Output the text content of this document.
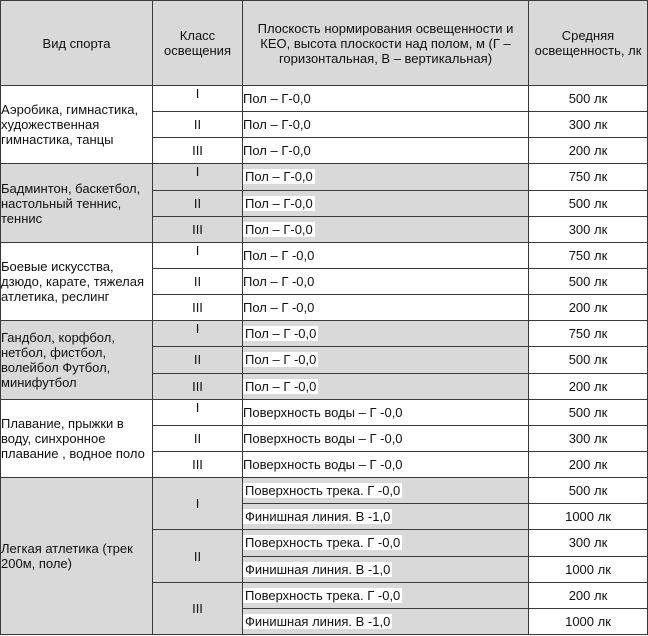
Вид спорта	Класс освещения	Плоскость нормирования освещенности и КЕО, высота плоскости над полом, м (Г – горизонтальная, В – вертикальная)	Средняя освещенность, лк
Аэробика, гимнастика, художественная гимнастика, танцы	I	Пол – Г-0,0	500 лк
	II	Пол – Г-0,0	300 лк
	III	Пол – Г-0,0	200 лк
Бадминтон, баскетбол, настольный теннис, теннис	I	Пол – Г-0,0	750 лк
	II	Пол – Г-0,0	500 лк
	III	Пол – Г-0,0	300 лк
Боевые искусства, дзюдо, карате, тяжелая атлетика, реслинг	I	Пол – Г -0,0	750 лк
	II	Пол – Г -0,0	500 лк
	III	Пол – Г -0,0	200 лк
Гандбол, корфбол, нетбол, фистбол, волейбол Футбол, минифутбол	I	Пол – Г -0,0	750 лк
	II	Пол – Г -0,0	500 лк
	III	Пол – Г -0,0	200 лк
Плавание, прыжки в воду, синхронное плавание , водное поло	I	Поверхность воды – Г -0,0	500 лк
	II	Поверхность воды – Г -0,0	300 лк
	III	Поверхность воды – Г -0,0	200 лк
Легкая атлетика (трек 200м, поле)	I	Поверхность трека. Г -0,0	500 лк
		Финишная линия. В -1,0	1000 лк
	II	Поверхность трека. Г -0,0	300 лк
		Финишная линия. В -1,0	1000 лк
	III	Поверхность трека. Г -0,0	200 лк
		Финишная линия. В -1,0	1000 лк
